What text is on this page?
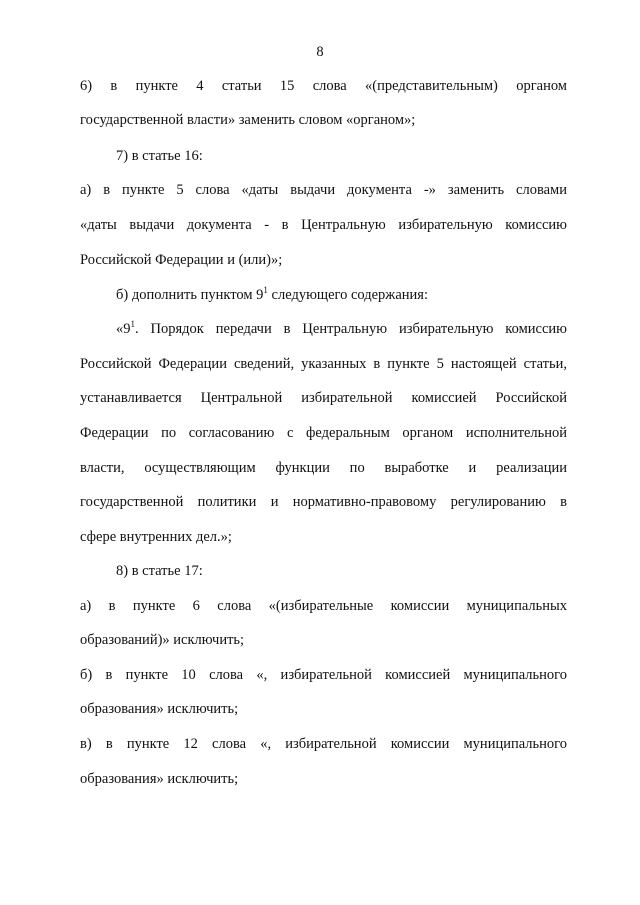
8
6) в пункте 4 статьи 15 слова «(представительным) органом
государственной власти» заменить словом «органом»;
7) в статье 16:
а) в пункте 5 слова «даты выдачи документа -» заменить словами
«даты выдачи документа - в Центральную избирательную комиссию
Российской Федерации и (или)»;
б) дополнить пунктом $9^1$ следующего содержания:
«$9^1$. Порядок передачи в Центральную избирательную комиссию
Российской Федерации сведений, указанных в пункте 5 настоящей статьи,
устанавливается Центральной избирательной комиссией Российской
Федерации по согласованию с федеральным органом исполнительной
власти, осуществляющим функции по выработке и реализации
государственной политики и нормативно-правовому регулированию в
сфере внутренних дел.»;
8) в статье 17:
а) в пункте 6 слова «(избирательные комиссии муниципальных
образований)» исключить;
б) в пункте 10 слова «, избирательной комиссией муниципального
образования» исключить;
в) в пункте 12 слова «, избирательной комиссии муниципального
образования» исключить;
